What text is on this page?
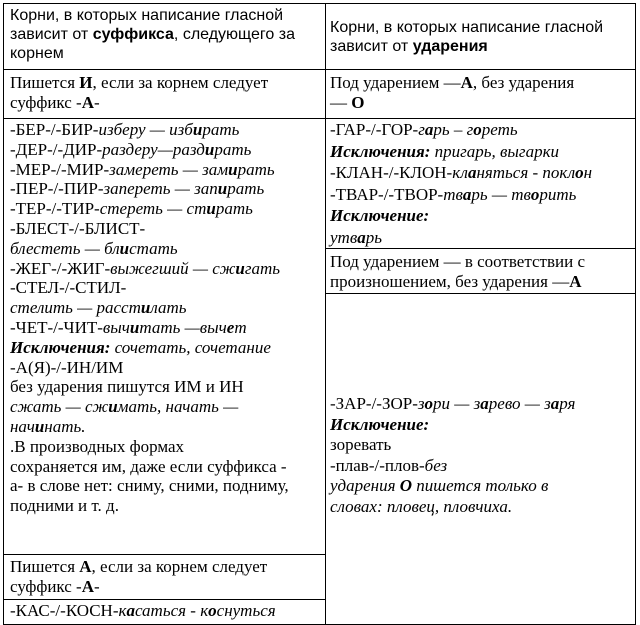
Корни, в которых написание гласной
зависит от суффикса, следующего за
корнем
Пишется И, если за корнем следует
суффикс -А-
-БЕР-/-БИР-изберу — избирать
-ДЕР-/-ДИР-раздеру—раздирать
-МЕР-/-МИР-замереть — замирать
-ПЕР-/-ПИР-запереть — запирать
-ТЕР-/-ТИР-стереть — стирать
-БЛЕСТ-/-БЛИСТ-
блестеть — блистать
-ЖЕГ-/-ЖИГ-выжегший — сжигать
-СТЕЛ-/-СТИЛ-
стелить — расстилать
-ЧЕТ-/-ЧИТ-вычитать —вычет
Исключения: сочетать, сочетание
-А(Я)-/-ИН/ИМ
без ударения пишутся ИМ и ИН
сжать — сжимать, начать —
начинать.
.В производных формах
сохраняется им, даже если суффикса -
а- в слове нет: сниму, сними, подниму,
подними и т. д.
Пишется А, если за корнем следует
суффикс -А-
-КАС-/-КОСН-касаться - коснуться
Корни, в которых написание гласной
зависит от ударения
Под ударением —А, без ударения
— О
-ГАР-/-ГОР-гарь – гореть
Исключения: пригарь, выгарки
-КЛАН-/-КЛОН-кланяться - поклон
-ТВАР-/-ТВОР-тварь — творить
Исключение:
утварь
Под ударением — в соответствии с
произношением, без ударения —А
-ЗАР-/-ЗОР-зори — зарево — заря
Исключение:
зоревать
-плав-/-плов-без
ударения О пишется только в
словах: пловец, пловчиха.
